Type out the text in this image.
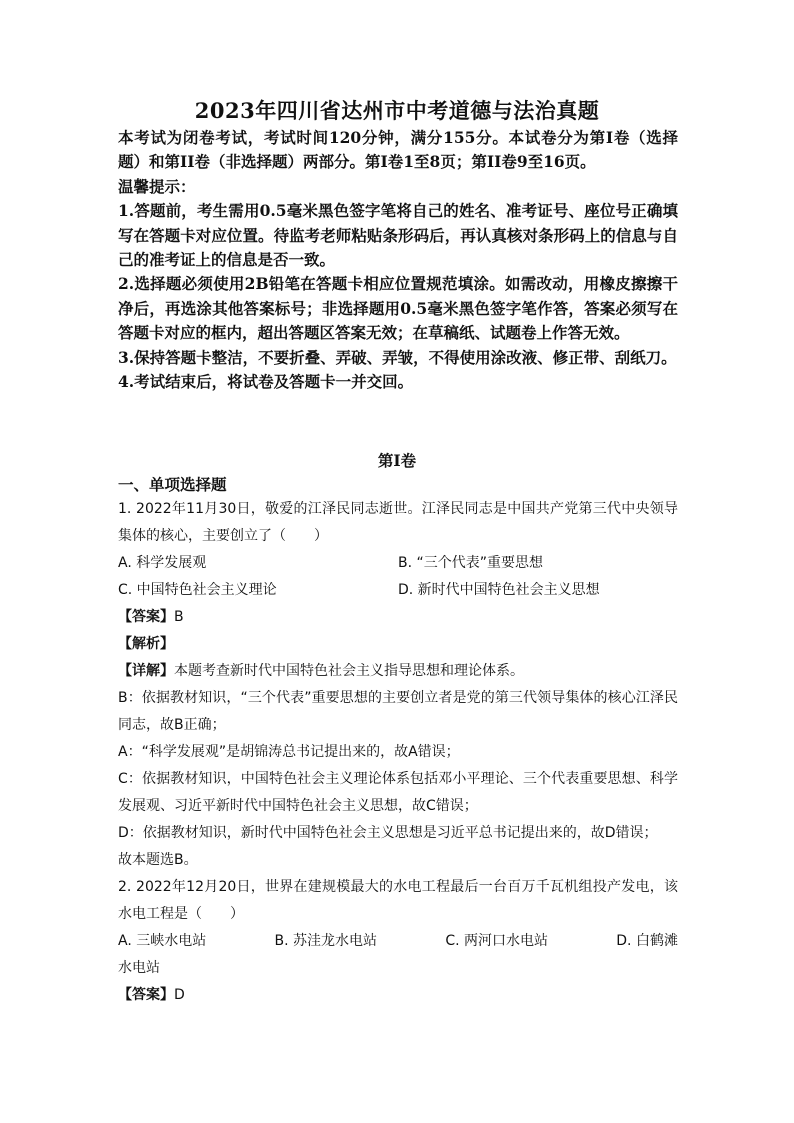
2023年四川省达州市中考道德与法治真题

本考试为闭卷考试，考试时间120分钟，满分155分。本试卷分为第I卷（选择题）和第II卷（非选择题）两部分。第I卷1至8页；第II卷9至16页。

温馨提示：

1.答题前，考生需用0.5毫米黑色签字笔将自己的姓名、准考证号、座位号正确填写在答题卡对应位置。待监考老师粘贴条形码后，再认真核对条形码上的信息与自己的准考证上的信息是否一致。

2.选择题必须使用2B铅笔在答题卡相应位置规范填涂。如需改动，用橡皮擦擦干净后，再选涂其他答案标号；非选择题用0.5毫米黑色签字笔作答，答案必须写在答题卡对应的框内，超出答题区答案无效；在草稿纸、试题卷上作答无效。

3.保持答题卡整洁，不要折叠、弄破、弄皱，不得使用涂改液、修正带、刮纸刀。

4.考试结束后，将试卷及答题卡一并交回。

第I卷
一、单项选择题

1. 2022年11月30日，敬爱的江泽民同志逝世。江泽民同志是中国共产党第三代中央领导集体的核心，主要创立了（　　）

A. 科学发展观	B. “三个代表”重要思想
C. 中国特色社会主义理论	D. 新时代中国特色社会主义思想

【答案】B

【解析】

【详解】本题考查新时代中国特色社会主义指导思想和理论体系。

B：依据教材知识，“三个代表”重要思想的主要创立者是党的第三代领导集体的核心江泽民同志，故B正确；

A：“科学发展观”是胡锦涛总书记提出来的，故A错误；

C：依据教材知识，中国特色社会主义理论体系包括邓小平理论、三个代表重要思想、科学发展观、习近平新时代中国特色社会主义思想，故C错误；

D：依据教材知识，新时代中国特色社会主义思想是习近平总书记提出来的，故D错误；

故本题选B。

2. 2022年12月20日，世界在建规模最大的水电工程最后一台百万千瓦机组投产发电，该水电工程是（　　）

A. 三峡水电站	B. 苏洼龙水电站	C. 两河口水电站	D. 白鹤滩

水电站

【答案】D
